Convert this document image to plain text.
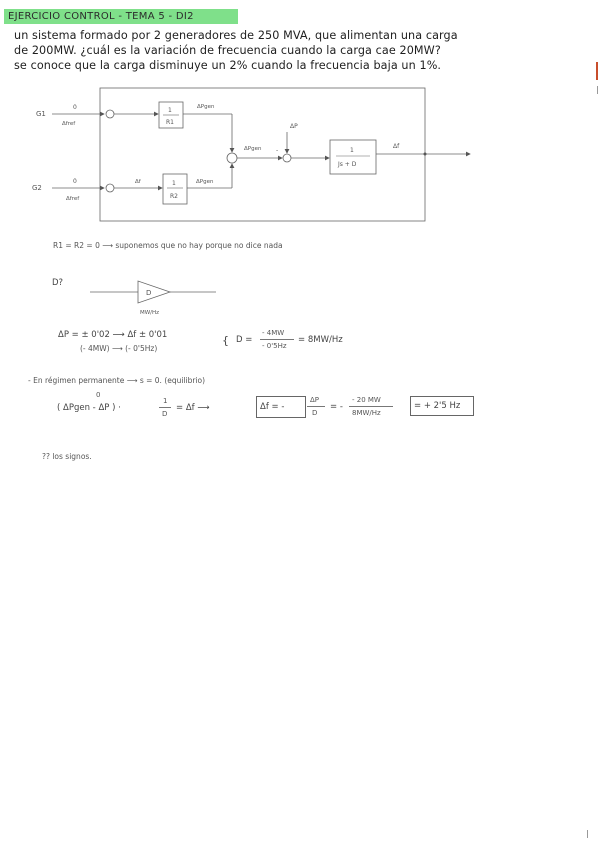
EJERCICIO CONTROL - TEMA 5 - DI2
un sistema formado por 2 generadores de 250 MVA, que alimentan una carga
de 200MW. ¿cuál es la variación de frecuencia cuando la carga cae 20MW?
se conoce que la carga disminuye un 2% cuando la frecuencia baja un 1%.
G1
0
Δfref
1
R1
ΔPgen
G2
0
Δfref
Δf	1
R2
ΔPgen
ΔPgen -
ΔP
1
Js + D
Δf
R1 = R2 = 0 ⟶ suponemos que no hay porque no dice nada
D?
D
MW/Hz
ΔP = ± 0'02 ⟶ Δf ± 0'01
(- 4MW) ⟶ (- 0'5Hz)
{ D =
- 4MW
- 0'5Hz
= 8MW/Hz
- En régimen permanente ⟶ s = 0. (equilibrio)
0
( ΔPgen - ΔP ) ·
1
D
= Δf ⟶	Δf = -
ΔP
D
= -
- 20 MW
8MW/Hz
= + 2'5 Hz
?? los signos.
